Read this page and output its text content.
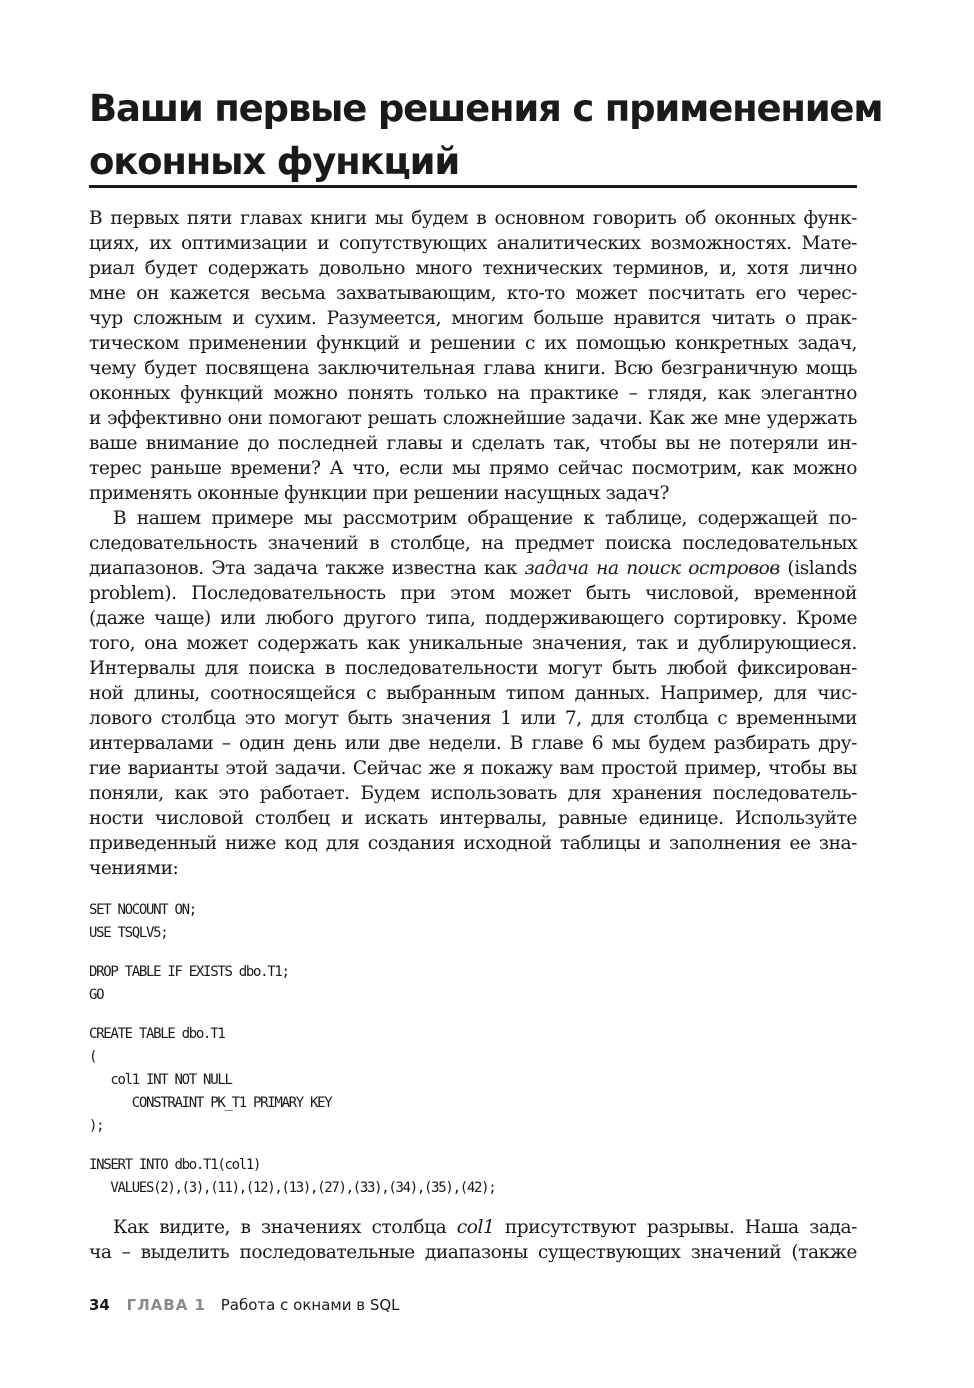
Ваши первые решения с применением
оконных функций
В первых пяти главах книги мы будем в основном говорить об оконных функ-
циях, их оптимизации и сопутствующих аналитических возможностях. Мате-
риал будет содержать довольно много технических терминов, и, хотя лично
мне он кажется весьма захватывающим, кто-то может посчитать его черес-
чур сложным и сухим. Разумеется, многим больше нравится читать о прак-
тическом применении функций и решении с их помощью конкретных задач,
чему будет посвящена заключительная глава книги. Всю безграничную мощь
оконных функций можно понять только на практике – глядя, как элегантно
и эффективно они помогают решать сложнейшие задачи. Как же мне удержать
ваше внимание до последней главы и сделать так, чтобы вы не потеряли ин-
терес раньше времени? А что, если мы прямо сейчас посмотрим, как можно
применять оконные функции при решении насущных задач?
В нашем примере мы рассмотрим обращение к таблице, содержащей по-
следовательность значений в столбце, на предмет поиска последовательных
диапазонов. Эта задача также известна как задача на поиск островов (islands
problem). Последовательность при этом может быть числовой, временной
(даже чаще) или любого другого типа, поддерживающего сортировку. Кроме
того, она может содержать как уникальные значения, так и дублирующиеся.
Интервалы для поиска в последовательности могут быть любой фиксирован-
ной длины, соотносящейся с выбранным типом данных. Например, для чис-
лового столбца это могут быть значения 1 или 7, для столбца с временными
интервалами – один день или две недели. В главе 6 мы будем разбирать дру-
гие варианты этой задачи. Сейчас же я покажу вам простой пример, чтобы вы
поняли, как это работает. Будем использовать для хранения последователь-
ности числовой столбец и искать интервалы, равные единице. Используйте
приведенный ниже код для создания исходной таблицы и заполнения ее зна-
чениями:
SET NOCOUNT ON;
USE TSQLV5;
DROP TABLE IF EXISTS dbo.T1;
GO
CREATE TABLE dbo.T1
(
col1 INT NOT NULL
CONSTRAINT PK_T1 PRIMARY KEY
);
INSERT INTO dbo.T1(col1)
VALUES(2),(3),(11),(12),(13),(27),(33),(34),(35),(42);
Как видите, в значениях столбца col1 присутствуют разрывы. Наша зада-
ча – выделить последовательные диапазоны существующих значений (также
34 ГЛАВА 1 Работа с окнами в SQL
